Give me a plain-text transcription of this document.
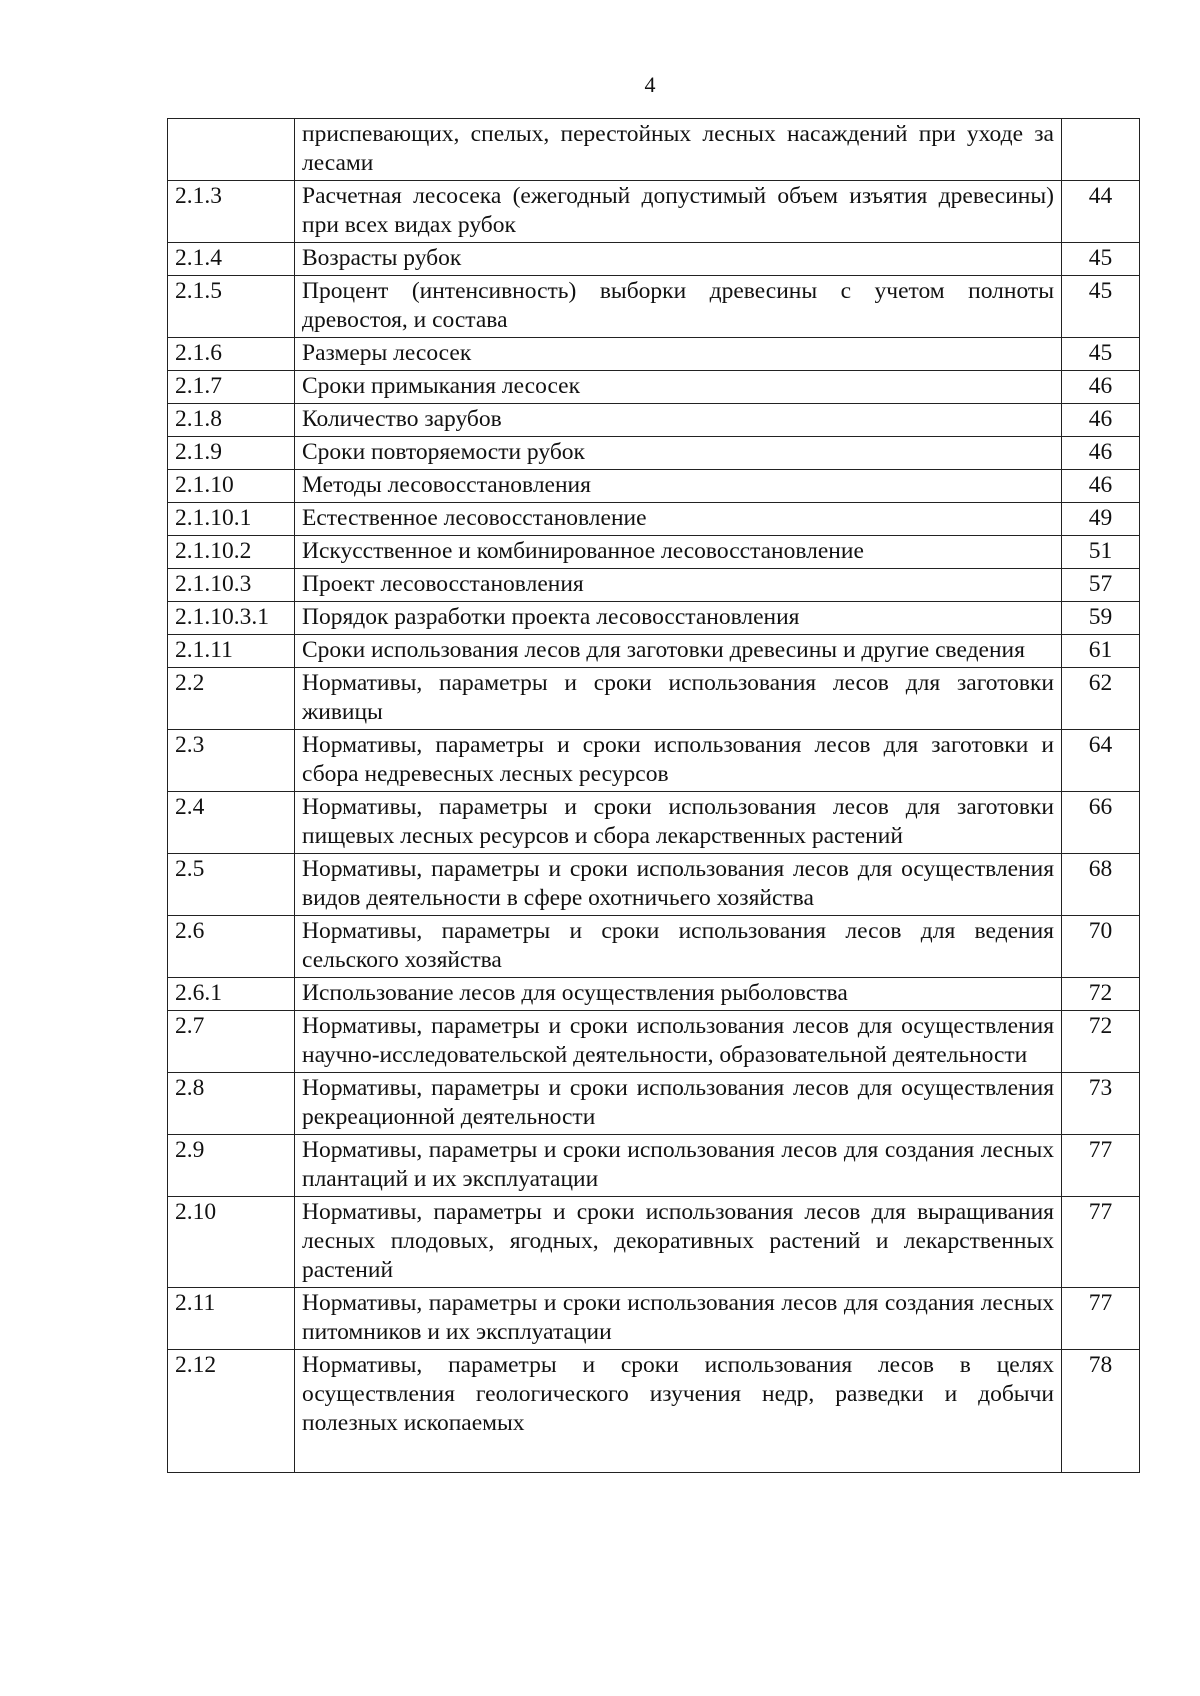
4
	приспевающих, спелых, перестойных лесных насаждений при уходе за лесами	
2.1.3	Расчетная лесосека (ежегодный допустимый объем изъятия древесины) при всех видах рубок	44
2.1.4	Возрасты рубок	45
2.1.5	Процент (интенсивность) выборки древесины с учетом полноты древостоя, и состава	45
2.1.6	Размеры лесосек	45
2.1.7	Сроки примыкания лесосек	46
2.1.8	Количество зарубов	46
2.1.9	Сроки повторяемости рубок	46
2.1.10	Методы лесовосстановления	46
2.1.10.1	Естественное лесовосстановление	49
2.1.10.2	Искусственное и комбинированное лесовосстановление	51
2.1.10.3	Проект лесовосстановления	57
2.1.10.3.1	Порядок разработки проекта лесовосстановления	59
2.1.11	Сроки использования лесов для заготовки древесины и другие сведения	61
2.2	Нормативы, параметры и сроки использования лесов для заготовки живицы	62
2.3	Нормативы, параметры и сроки использования лесов для заготовки и сбора недревесных лесных ресурсов	64
2.4	Нормативы, параметры и сроки использования лесов для заготовки пищевых лесных ресурсов и сбора лекарственных растений	66
2.5	Нормативы, параметры и сроки использования лесов для осуществления видов деятельности в сфере охотничьего хозяйства	68
2.6	Нормативы, параметры и сроки использования лесов для ведения сельского хозяйства	70
2.6.1	Использование лесов для осуществления рыболовства	72
2.7	Нормативы, параметры и сроки использования лесов для осуществления научно-исследовательской деятельности, образовательной деятельности	72
2.8	Нормативы, параметры и сроки использования лесов для осуществления рекреационной деятельности	73
2.9	Нормативы, параметры и сроки использования лесов для создания лесных плантаций и их эксплуатации	77
2.10	Нормативы, параметры и сроки использования лесов для выращивания лесных плодовых, ягодных, декоративных растений и лекарственных растений	77
2.11	Нормативы, параметры и сроки использования лесов для создания лесных питомников и их эксплуатации	77
2.12	Нормативы, параметры и сроки использования лесов в целях осуществления геологического изучения недр, разведки и добычи полезных ископаемых	78
